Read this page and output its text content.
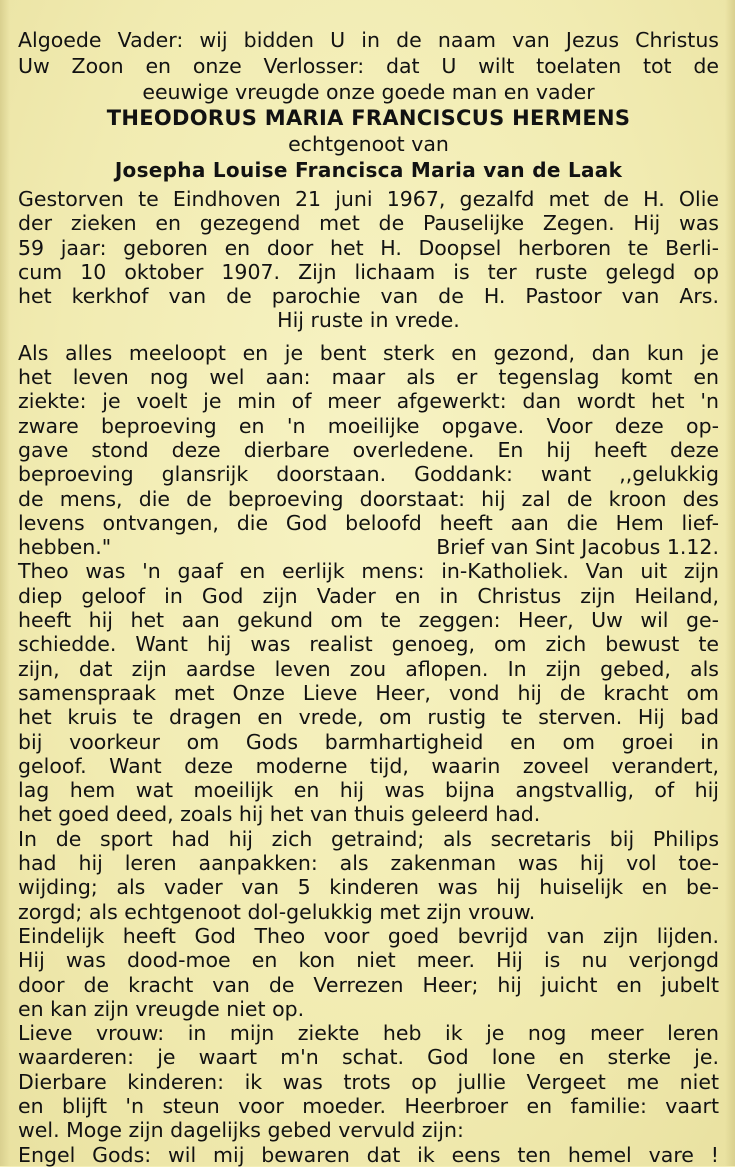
Algoede Vader: wij bidden U in de naam van Jezus Christus
Uw Zoon en onze Verlosser: dat U wilt toelaten tot de
eeuwige vreugde onze goede man en vader
THEODORUS MARIA FRANCISCUS HERMENS
echtgenoot van
Josepha Louise Francisca Maria van de Laak
Gestorven te Eindhoven 21 juni 1967, gezalfd met de H. Olie
der zieken en gezegend met de Pauselijke Zegen. Hij was
59 jaar: geboren en door het H. Doopsel herboren te Berli-
cum 10 oktober 1907. Zijn lichaam is ter ruste gelegd op
het kerkhof van de parochie van de H. Pastoor van Ars.
Hij ruste in vrede.
Als alles meeloopt en je bent sterk en gezond, dan kun je
het leven nog wel aan: maar als er tegenslag komt en
ziekte: je voelt je min of meer afgewerkt: dan wordt het 'n
zware beproeving en 'n moeilijke opgave. Voor deze op-
gave stond deze dierbare overledene. En hij heeft deze
beproeving glansrijk doorstaan. Goddank: want ,,gelukkig
de mens, die de beproeving doorstaat: hij zal de kroon des
levens ontvangen, die God beloofd heeft aan die Hem lief-
hebben."	Brief van Sint Jacobus 1.12.
Theo was 'n gaaf en eerlijk mens: in-Katholiek. Van uit zijn
diep geloof in God zijn Vader en in Christus zijn Heiland,
heeft hij het aan gekund om te zeggen: Heer, Uw wil ge-
schiedde. Want hij was realist genoeg, om zich bewust te
zijn, dat zijn aardse leven zou aflopen. In zijn gebed, als
samenspraak met Onze Lieve Heer, vond hij de kracht om
het kruis te dragen en vrede, om rustig te sterven. Hij bad
bij voorkeur om Gods barmhartigheid en om groei in
geloof. Want deze moderne tijd, waarin zoveel verandert,
lag hem wat moeilijk en hij was bijna angstvallig, of hij
het goed deed, zoals hij het van thuis geleerd had.
In de sport had hij zich getraind; als secretaris bij Philips
had hij leren aanpakken: als zakenman was hij vol toe-
wijding; als vader van 5 kinderen was hij huiselijk en be-
zorgd; als echtgenoot dol-gelukkig met zijn vrouw.
Eindelijk heeft God Theo voor goed bevrijd van zijn lijden.
Hij was dood-moe en kon niet meer. Hij is nu verjongd
door de kracht van de Verrezen Heer; hij juicht en jubelt
en kan zijn vreugde niet op.
Lieve vrouw: in mijn ziekte heb ik je nog meer leren
waarderen: je waart m'n schat. God lone en sterke je.
Dierbare kinderen: ik was trots op jullie Vergeet me niet
en blijft 'n steun voor moeder. Heerbroer en familie: vaart
wel. Moge zijn dagelijks gebed vervuld zijn:
Engel Gods: wil mij bewaren dat ik eens ten hemel vare !
